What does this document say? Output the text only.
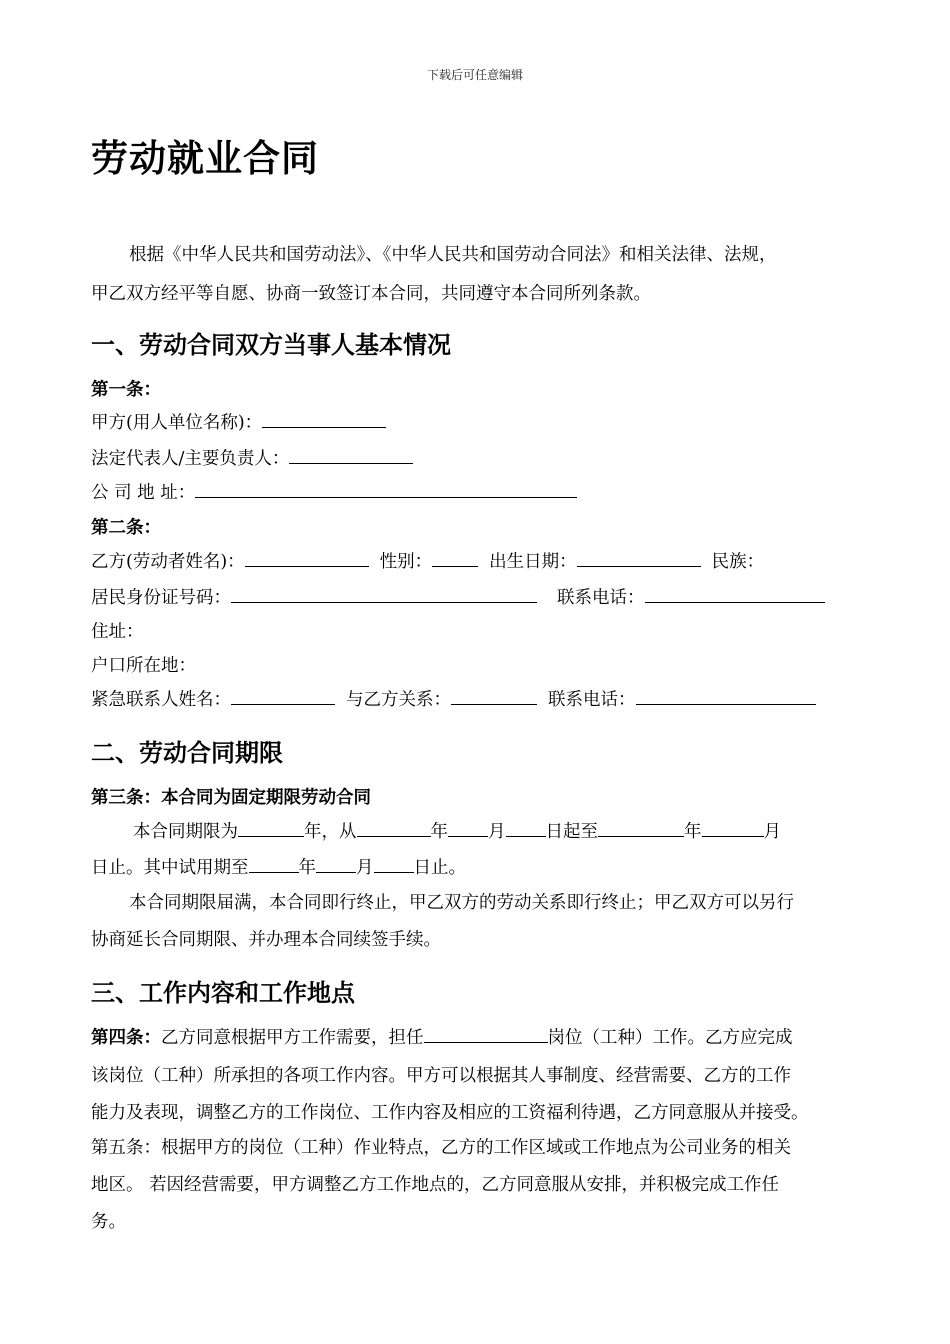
下载后可任意编辑
劳动就业合同
根据《中华人民共和国劳动法》、《中华人民共和国劳动合同法》和相关法律、法规，
甲乙双方经平等自愿、协商一致签订本合同，共同遵守本合同所列条款。
一、劳动合同双方当事人基本情况
第一条：
甲方(用人单位名称)：
法定代表人/主要负责人：
公 司 地 址：
第二条：
乙方(劳动者姓名)：	性别：	出生日期：	民族：
居民身份证号码：	联系电话：
住址：
户口所在地：
紧急联系人姓名：	与乙方关系：	联系电话：
二、劳动合同期限
第三条：本合同为固定期限劳动合同
本合同期限为	年，从	年 月 日起至	年	月
日止。其中试用期至	年 月 日止。
本合同期限届满，本合同即行终止，甲乙双方的劳动关系即行终止；甲乙双方可以另行
协商延长合同期限、并办理本合同续签手续。
三、工作内容和工作地点
第四条：乙方同意根据甲方工作需要，担任	岗位（工种）工作。乙方应完成
该岗位（工种）所承担的各项工作内容。甲方可以根据其人事制度、经营需要、乙方的工作
能力及表现，调整乙方的工作岗位、工作内容及相应的工资福利待遇，乙方同意服从并接受。
第五条：根据甲方的岗位（工种）作业特点，乙方的工作区域或工作地点为公司业务的相关
地区。 若因经营需要，甲方调整乙方工作地点的，乙方同意服从安排，并积极完成工作任
务。
